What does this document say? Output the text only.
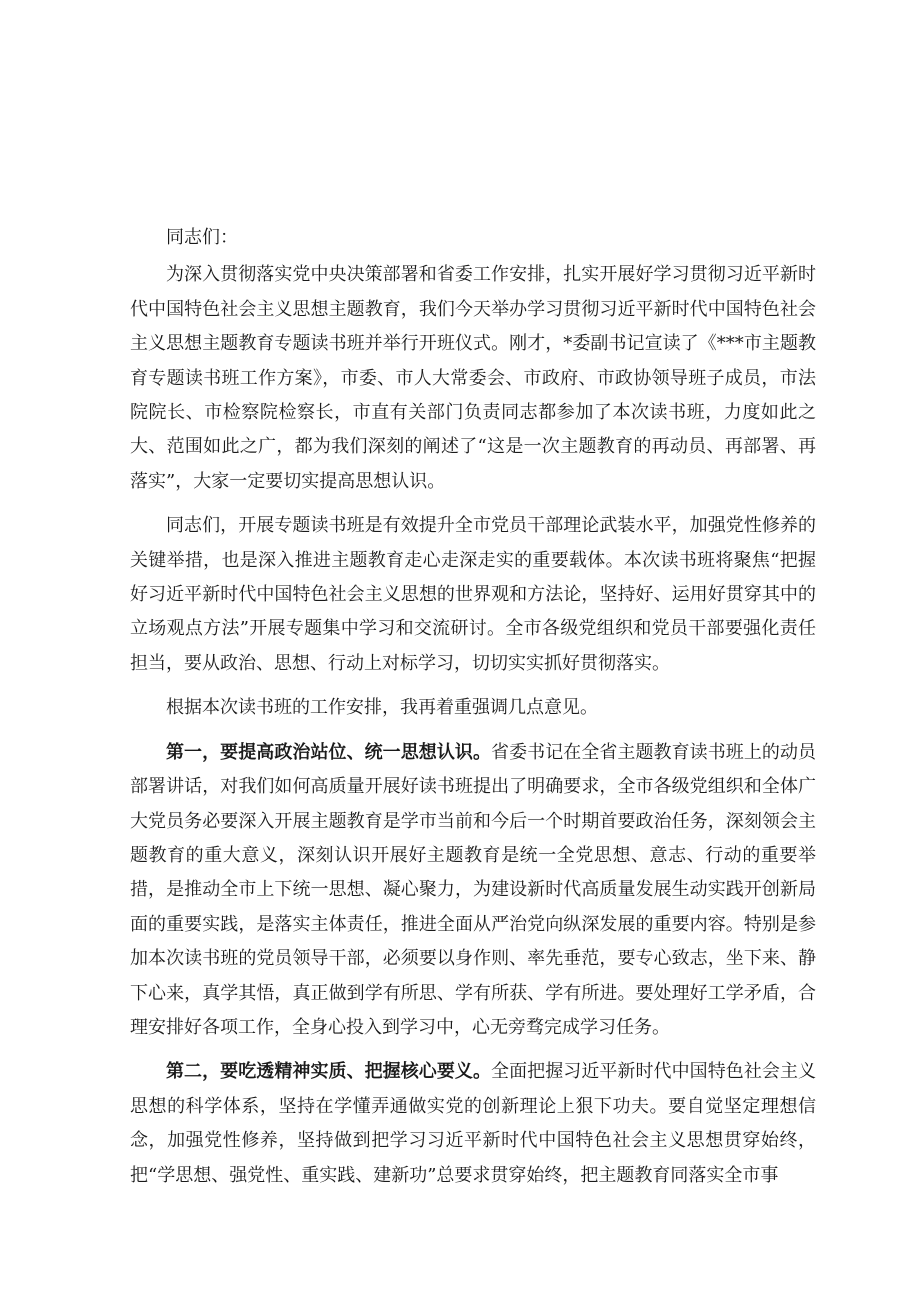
同志们：

为深入贯彻落实党中央决策部署和省委工作安排，扎实开展好学习贯彻习近平新时代中国特色社会主义思想主题教育，我们今天举办学习贯彻习近平新时代中国特色社会主义思想主题教育专题读书班并举行开班仪式。刚才，*委副书记宣读了《***市主题教育专题读书班工作方案》，市委、市人大常委会、市政府、市政协领导班子成员，市法院院长、市检察院检察长，市直有关部门负责同志都参加了本次读书班，力度如此之大、范围如此之广，都为我们深刻的阐述了“这是一次主题教育的再动员、再部署、再落实”，大家一定要切实提高思想认识。

同志们，开展专题读书班是有效提升全市党员干部理论武装水平，加强党性修养的关键举措，也是深入推进主题教育走心走深走实的重要载体。本次读书班将聚焦“把握好习近平新时代中国特色社会主义思想的世界观和方法论，坚持好、运用好贯穿其中的立场观点方法”开展专题集中学习和交流研讨。全市各级党组织和党员干部要强化责任担当，要从政治、思想、行动上对标学习，切切实实抓好贯彻落实。

根据本次读书班的工作安排，我再着重强调几点意见。

第一，要提高政治站位、统一思想认识。省委书记在全省主题教育读书班上的动员部署讲话，对我们如何高质量开展好读书班提出了明确要求，全市各级党组织和全体广大党员务必要深入开展主题教育是学市当前和今后一个时期首要政治任务，深刻领会主题教育的重大意义，深刻认识开展好主题教育是统一全党思想、意志、行动的重要举措，是推动全市上下统一思想、凝心聚力，为建设新时代高质量发展生动实践开创新局面的重要实践，是落实主体责任，推进全面从严治党向纵深发展的重要内容。特别是参加本次读书班的党员领导干部，必须要以身作则、率先垂范，要专心致志，坐下来、静下心来，真学其悟，真正做到学有所思、学有所获、学有所进。要处理好工学矛盾，合理安排好各项工作，全身心投入到学习中，心无旁骛完成学习任务。

第二，要吃透精神实质、把握核心要义。全面把握习近平新时代中国特色社会主义思想的科学体系，坚持在学懂弄通做实党的创新理论上狠下功夫。要自觉坚定理想信念，加强党性修养，坚持做到把学习习近平新时代中国特色社会主义思想贯穿始终，把“学思想、强党性、重实践、建新功”总要求贯穿始终，把主题教育同落实全市事
